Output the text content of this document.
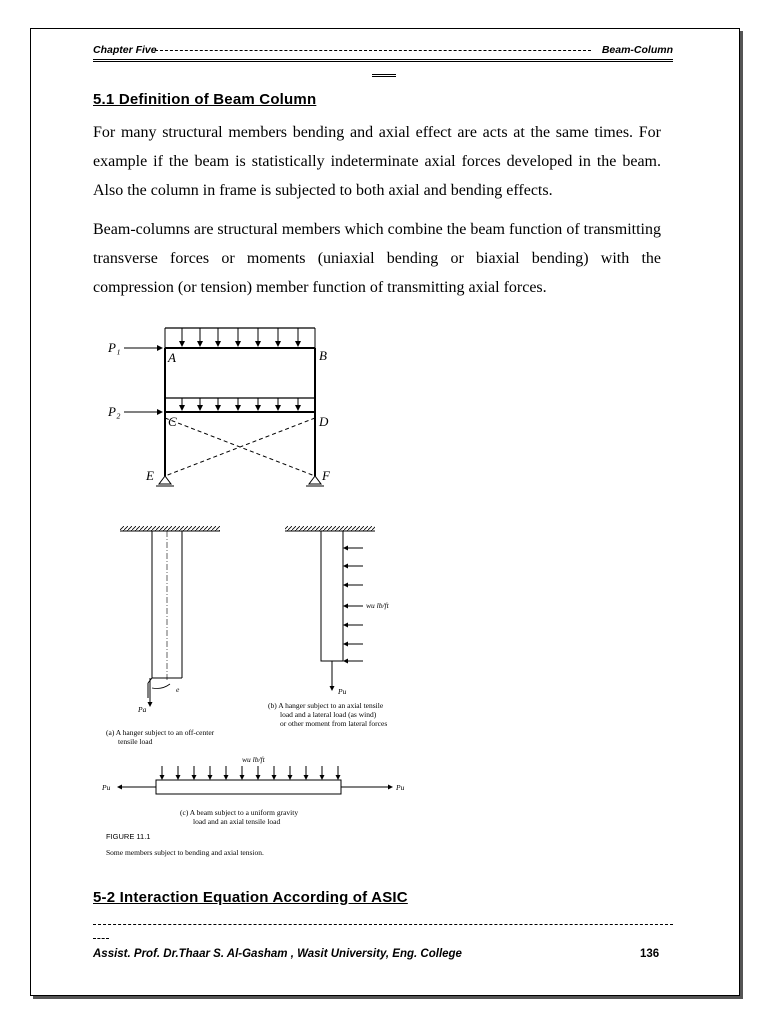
Chapter Five	Beam-Column
5.1 Definition of Beam Column
For many structural members bending and axial effect are acts at the same times. For example if the beam is statistically indeterminate axial forces developed in the beam. Also the column in frame is subjected to both axial and bending effects.
Beam-columns are structural members which combine the beam function of transmitting transverse forces or moments (uniaxial bending or biaxial bending) with the compression (or tension) member function of transmitting axial forces.
P₁
P₂
A	B
C	D
E	F
Pa
e
wu lb/ft
Pu
wu lb/ft
Pu	Pu
(a) A hanger subject to an off-center
tensile load
(b) A hanger subject to an axial tensile
load and a lateral load (as wind)
or other moment from lateral forces
(c) A beam subject to a uniform gravity
load and an axial tensile load
FIGURE 11.1
Some members subject to bending and axial tension.
5-2 Interaction Equation According of ASIC
Assist. Prof. Dr.Thaar S. Al-Gasham , Wasit University, Eng. College	136
